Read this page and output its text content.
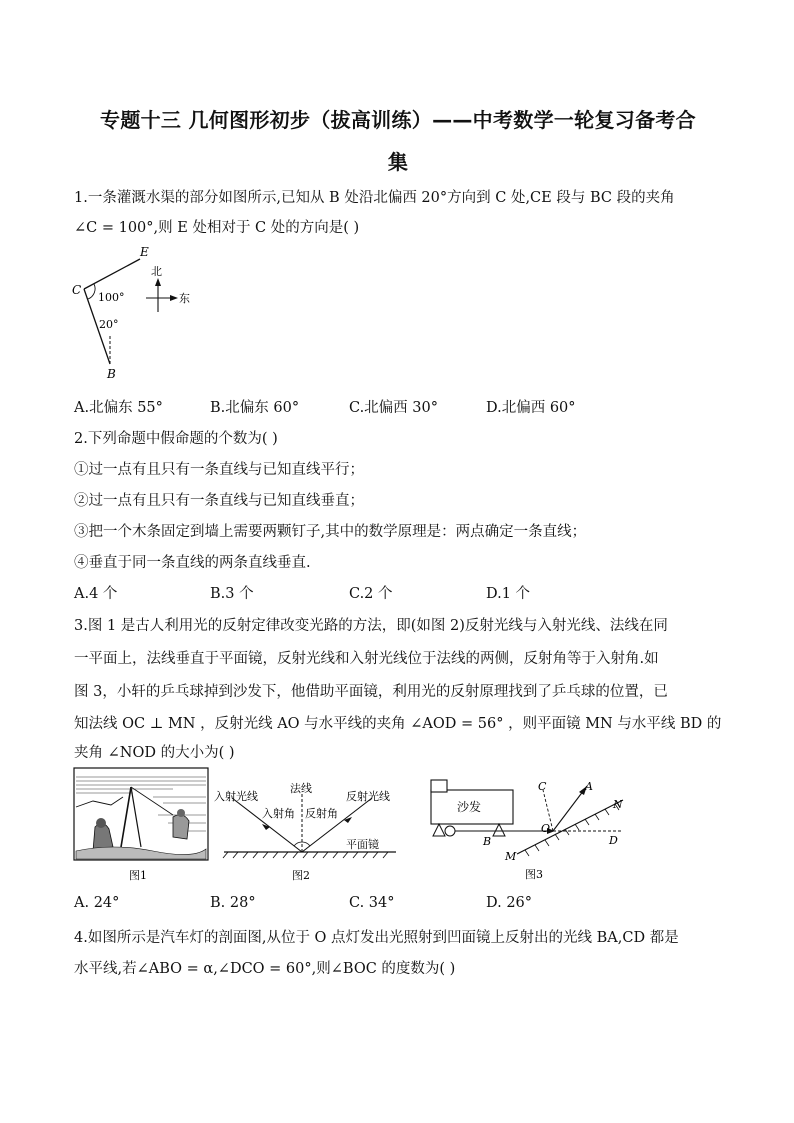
专题十三 几何图形初步（拔高训练）——中考数学一轮复习备考合
集
1.一条灌溉水渠的部分如图所示,已知从 B 处沿北偏西 20°方向到 C 处,CE 段与 BC 段的夹角
∠C = 100°,则 E 处相对于 C 处的方向是( )
E
C
B
100°
20°
北
东
A.北偏东 55°	B.北偏东 60°	C.北偏西 30°	D.北偏西 60°
2.下列命题中假命题的个数为( )
①过一点有且只有一条直线与已知直线平行；
②过一点有且只有一条直线与已知直线垂直；
③把一个木条固定到墙上需要两颗钉子,其中的数学原理是：两点确定一条直线；
④垂直于同一条直线的两条直线垂直.
A.4 个	B.3 个	C.2 个	D.1 个
3.图 1 是古人利用光的反射定律改变光路的方法，即(如图 2)反射光线与入射光线、法线在同
一平面上，法线垂直于平面镜，反射光线和入射光线位于法线的两侧，反射角等于入射角.如
图 3，小轩的乒乓球掉到沙发下，他借助平面镜，利用光的反射原理找到了乒乓球的位置，已
知法线 OC ⊥ MN ，反射光线 AO 与水平线的夹角 ∠AOD = 56° ，则平面镜 MN 与水平线 BD 的
夹角 ∠NOD 的大小为( )
图1
入射光线
法线
反射光线
入射角 反射角
平面镜
图2
沙发
C	A
N
O
D
B
M
图3
A. 24°	B. 28°	C. 34°	D. 26°
4.如图所示是汽车灯的剖面图,从位于 O 点灯发出光照射到凹面镜上反射出的光线 BA,CD 都是
水平线,若∠ABO = α,∠DCO = 60°,则∠BOC 的度数为( )
